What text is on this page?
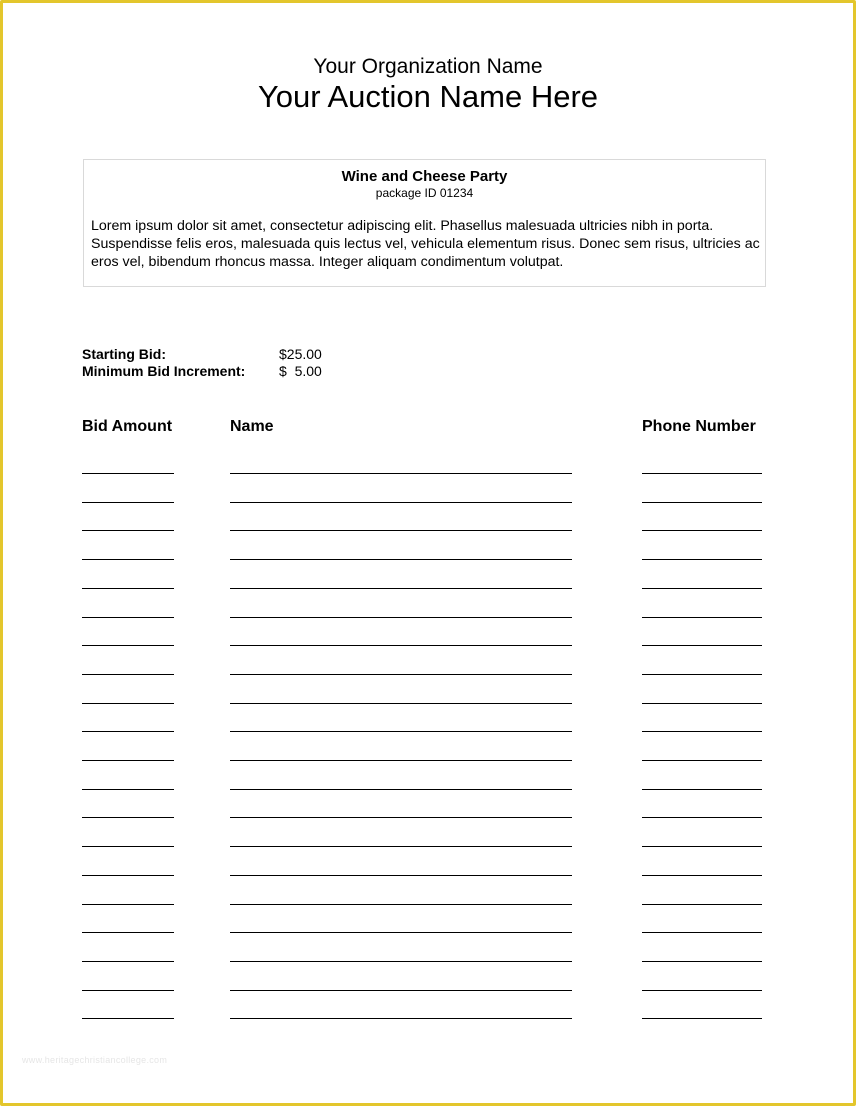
Your Organization Name
Your Auction Name Here
Wine and Cheese Party
package ID 01234
Lorem ipsum dolor sit amet, consectetur adipiscing elit. Phasellus malesuada ultricies nibh in porta. Suspendisse felis eros, malesuada quis lectus vel, vehicula elementum risus. Donec sem risus, ultricies ac eros vel, bibendum rhoncus massa. Integer aliquam condimentum volutpat.
Starting Bid:	$25.00
Minimum Bid Increment: $  5.00
Bid Amount	Name	Phone Number
www.heritagechristiancollege.com
